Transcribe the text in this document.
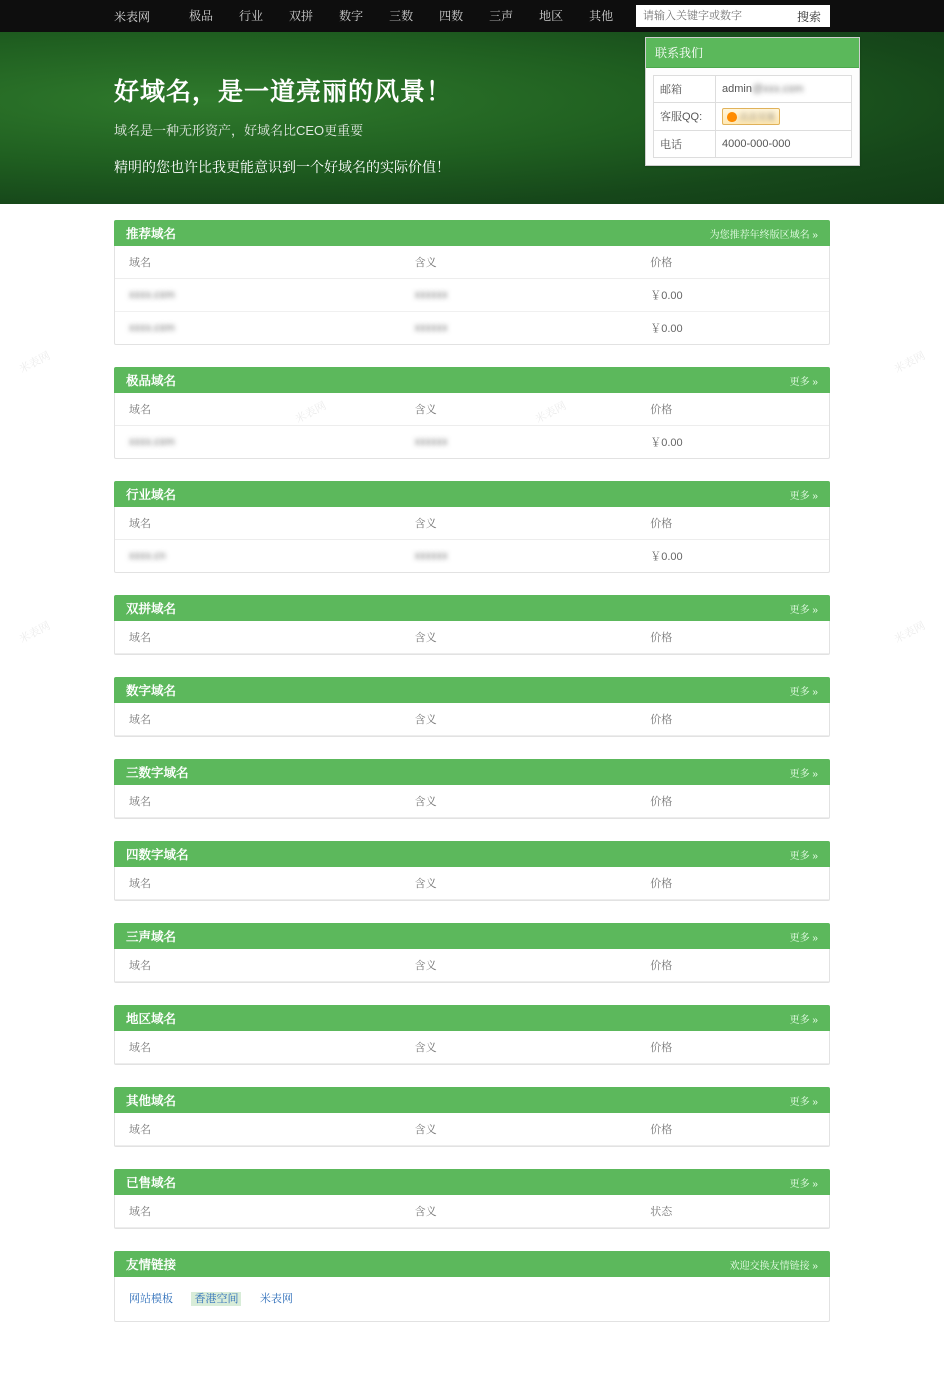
米表网	极品	行业	双拼	数字	三数	四数	三声	地区	其他
请输入关键字或数字	搜索
好域名，是一道亮丽的风景！
域名是一种无形资产，好域名比CEO更重要
精明的您也许比我更能意识到一个好域名的实际价值！
联系我们
邮箱	admin @xxx.com
客服QQ:	点击交谈
电话	4000-000-000
米表网
米表网
米表网
米表网
推荐域名	为您推荐年终版区域名 »
域名	含义	价格
xxxx.com	xxxxxx	￥0.00
xxxx.com	xxxxxx	￥0.00
极品域名	更多 »
域名	含义	价格
xxxx.com	xxxxxx	￥0.00
行业域名	更多 »
域名	含义	价格
xxxx.cn	xxxxxx	￥0.00
双拼域名	更多 »
域名	含义	价格
数字域名	更多 »
域名	含义	价格
三数字域名	更多 »
域名	含义	价格
四数字域名	更多 »
域名	含义	价格
三声域名	更多 »
域名	含义	价格
地区域名	更多 »
域名	含义	价格
其他域名	更多 »
域名	含义	价格
已售域名	更多 »
域名	含义	状态
友情链接	欢迎交换友情链接 »
网站模板 香港空间 米表网
